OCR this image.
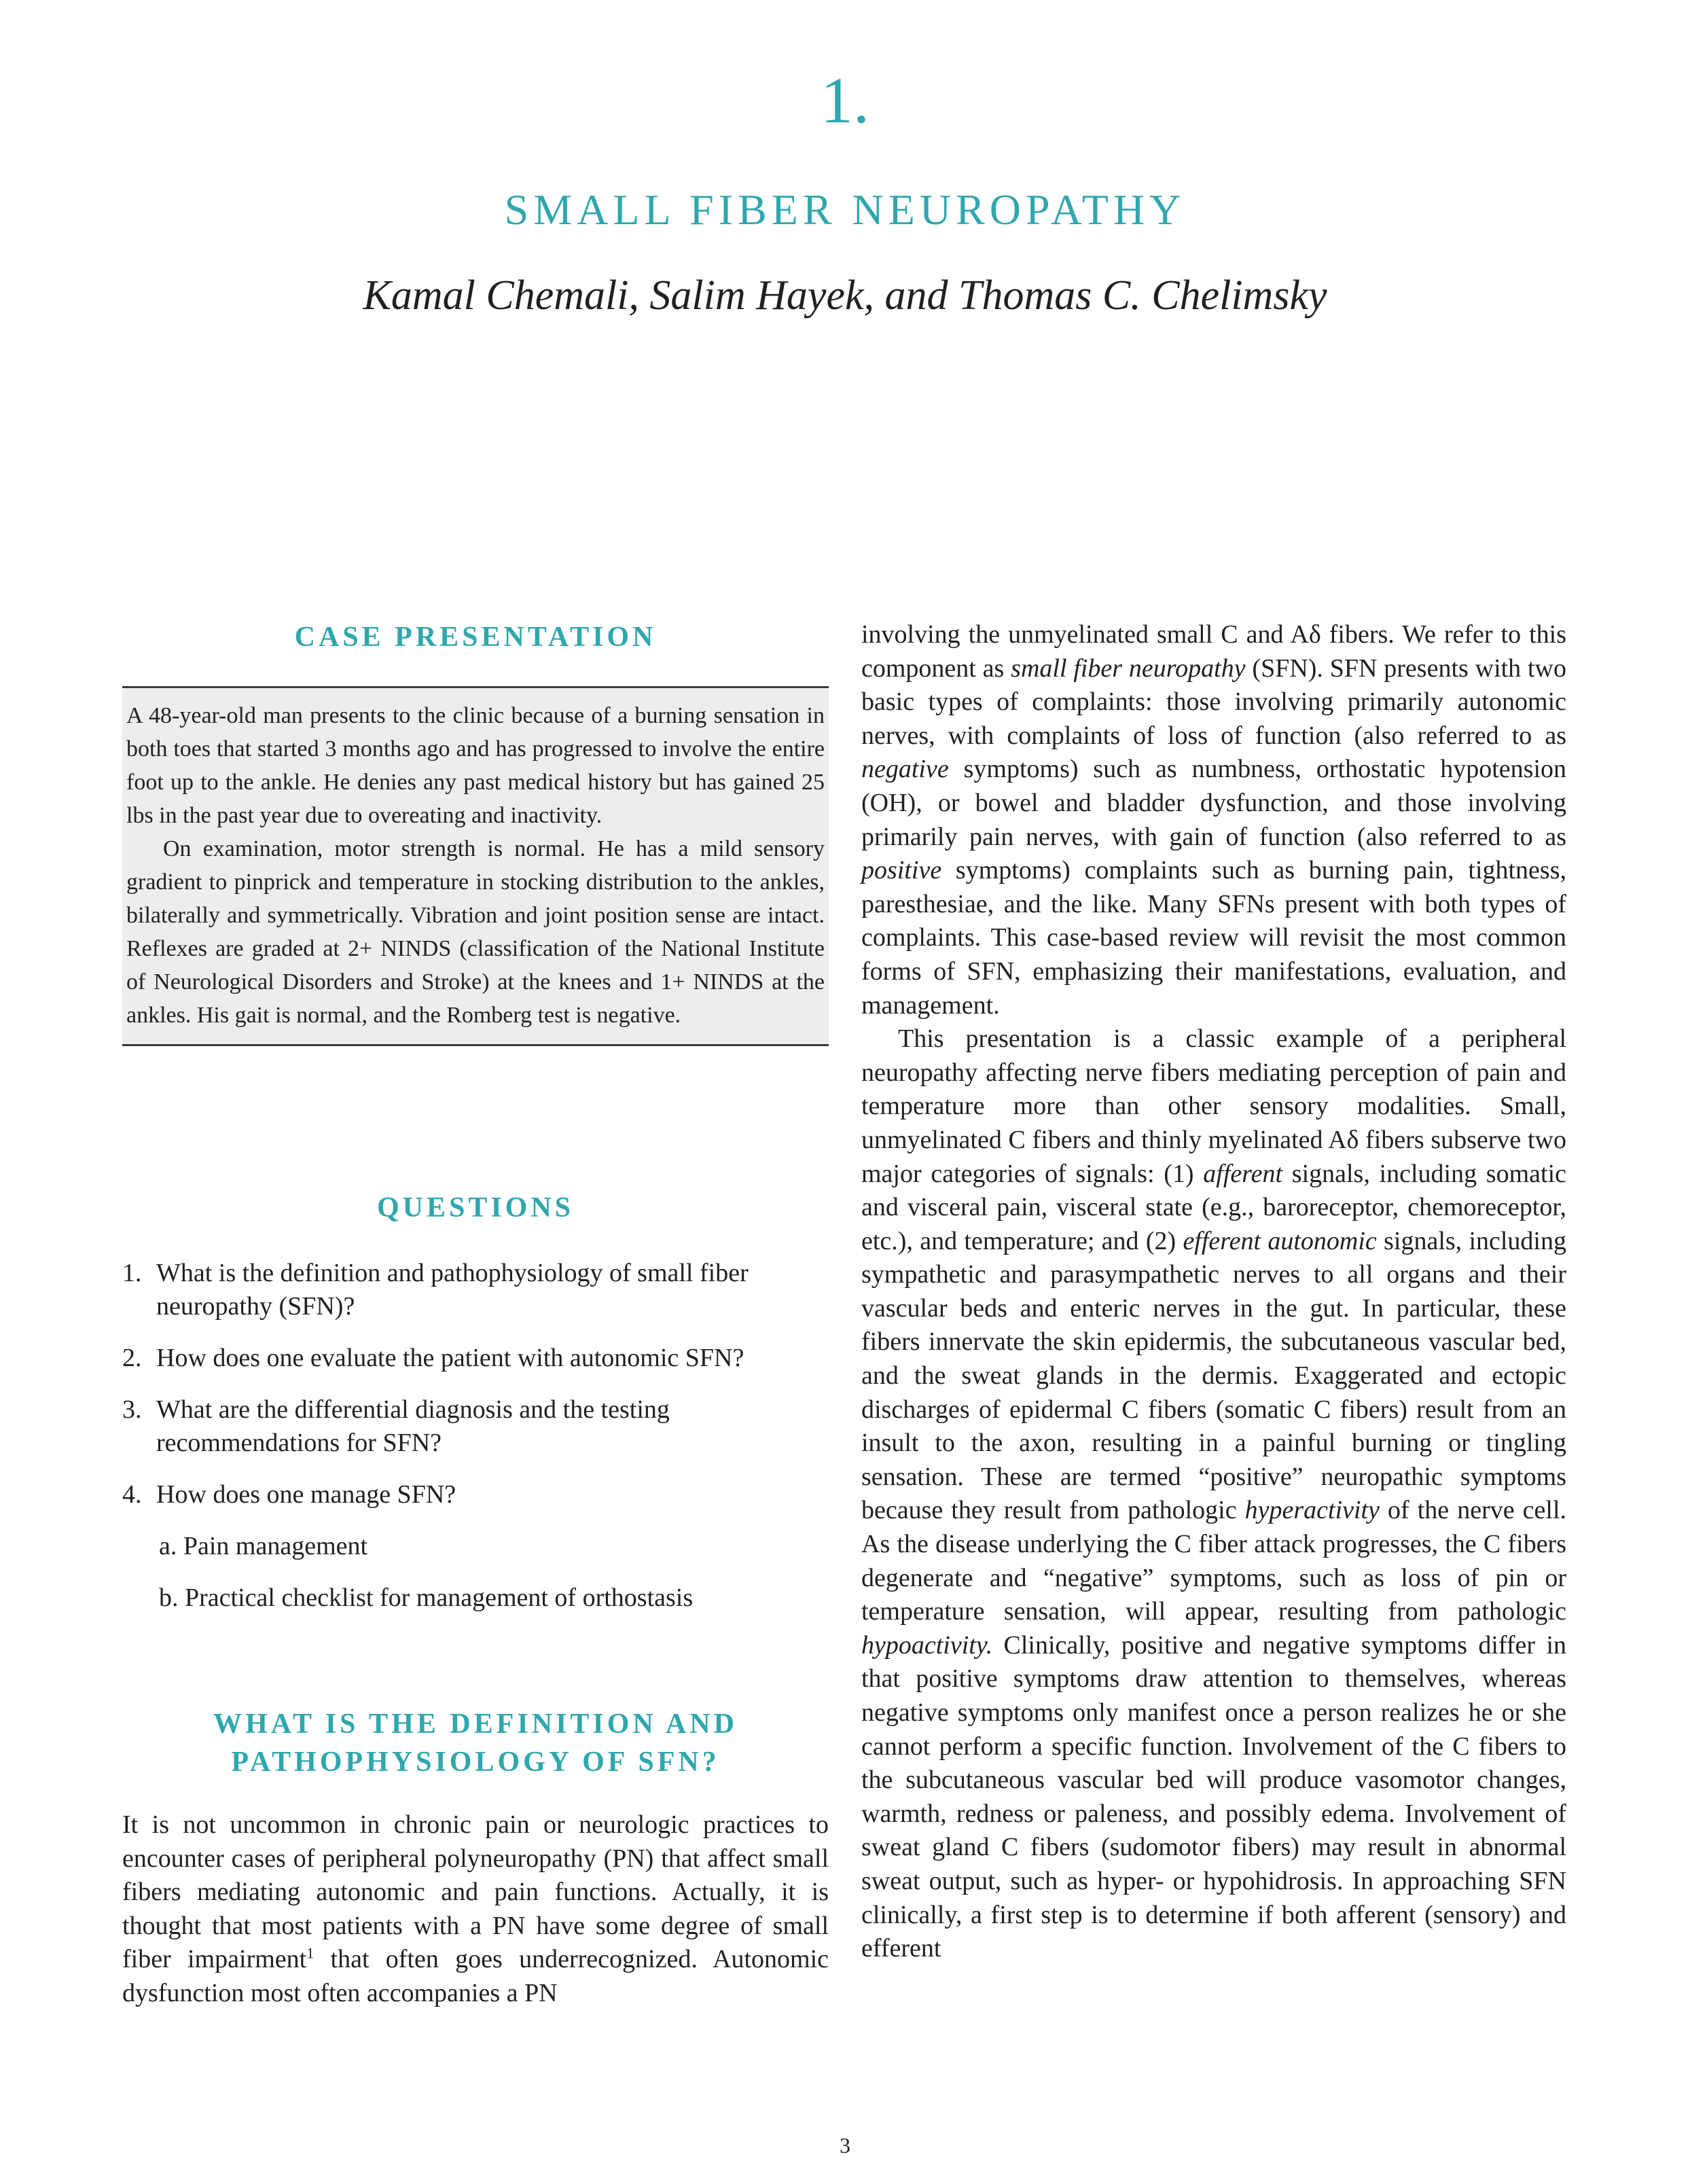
1.
SMALL FIBER NEUROPATHY
Kamal Chemali, Salim Hayek, and Thomas C. Chelimsky
CASE PRESENTATION

A 48-year-old man presents to the clinic because of a burning sensation in both toes that started 3 months ago and has progressed to involve the entire foot up to the ankle. He denies any past medical history but has gained 25 lbs in the past year due to overeating and inactivity.

On examination, motor strength is normal. He has a mild sensory gradient to pinprick and temperature in stocking distribution to the ankles, bilaterally and symmetrically. Vibration and joint position sense are intact. Reflexes are graded at 2+ NINDS (classification of the National Institute of Neurological Disorders and Stroke) at the knees and 1+ NINDS at the ankles. His gait is normal, and the Romberg test is negative.

QUESTIONS
1. What is the definition and pathophysiology of small fiber neuropathy (SFN)?
2. How does one evaluate the patient with autonomic SFN?
3. What are the differential diagnosis and the testing recommendations for SFN?
4. How does one manage SFN?
a. Pain management
b. Practical checklist for management of orthostasis
WHAT IS THE DEFINITION AND
PATHOPHYSIOLOGY OF SFN?

It is not uncommon in chronic pain or neurologic practices to encounter cases of peripheral polyneuropathy (PN) that affect small fibers mediating autonomic and pain functions. Actually, it is thought that most patients with a PN have some degree of small fiber impairment$^1$ that often goes underrecognized. Autonomic dysfunction most often accompanies a PN

involving the unmyelinated small C and Aδ fibers. We refer to this component as small fiber neuropathy (SFN). SFN presents with two basic types of complaints: those involving primarily autonomic nerves, with complaints of loss of function (also referred to as negative symptoms) such as numbness, orthostatic hypotension (OH), or bowel and bladder dysfunction, and those involving primarily pain nerves, with gain of function (also referred to as positive symptoms) complaints such as burning pain, tightness, paresthesiae, and the like. Many SFNs present with both types of complaints. This case-based review will revisit the most common forms of SFN, emphasizing their manifestations, evaluation, and management.

This presentation is a classic example of a peripheral neuropathy affecting nerve fibers mediating perception of pain and temperature more than other sensory modalities. Small, unmyelinated C fibers and thinly myelinated Aδ fibers subserve two major categories of signals: (1) afferent signals, including somatic and visceral pain, visceral state (e.g., baroreceptor, chemoreceptor, etc.), and temperature; and (2) efferent autonomic signals, including sympathetic and parasympathetic nerves to all organs and their vascular beds and enteric nerves in the gut. In particular, these fibers innervate the skin epidermis, the subcutaneous vascular bed, and the sweat glands in the dermis. Exaggerated and ectopic discharges of epidermal C fibers (somatic C fibers) result from an insult to the axon, resulting in a painful burning or tingling sensation. These are termed “positive” neuropathic symptoms because they result from pathologic hyperactivity of the nerve cell. As the disease underlying the C fiber attack progresses, the C fibers degenerate and “negative” symptoms, such as loss of pin or temperature sensation, will appear, resulting from pathologic hypoactivity. Clinically, positive and negative symptoms differ in that positive symptoms draw attention to themselves, whereas negative symptoms only manifest once a person realizes he or she cannot perform a specific function. Involvement of the C fibers to the subcutaneous vascular bed will produce vasomotor changes, warmth, redness or paleness, and possibly edema. Involvement of sweat gland C fibers (sudomotor fibers) may result in abnormal sweat output, such as hyper- or hypohidrosis. In approaching SFN clinically, a first step is to determine if both afferent (sensory) and efferent

3
